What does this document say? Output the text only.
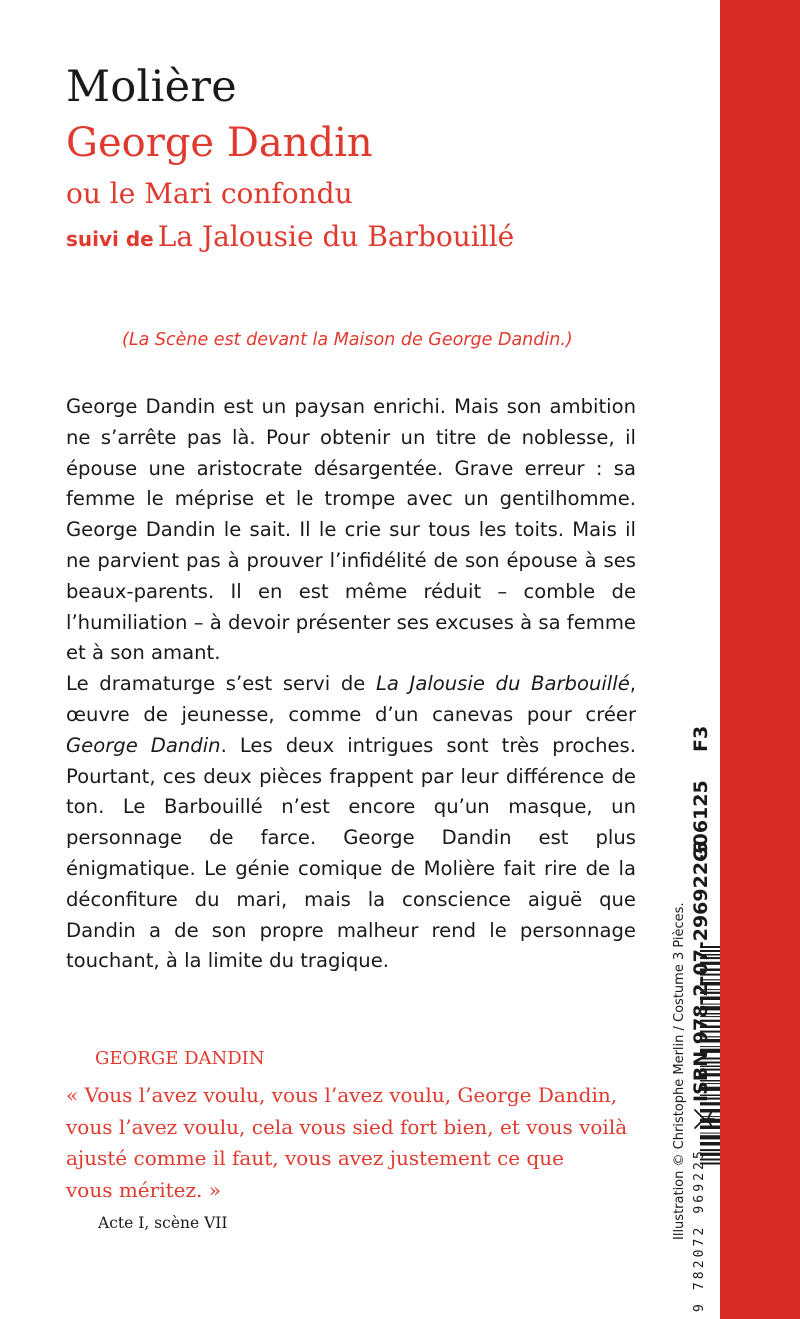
Molière
George Dandin
ou le Mari confondu
suivi de La Jalousie du Barbouillé
(La Scène est devant la Maison de George Dandin.)

George Dandin est un paysan enrichi. Mais son ambition ne s’arrête pas là. Pour obtenir un titre de noblesse, il épouse une aristocrate désargentée. Grave erreur : sa femme le méprise et le trompe avec un gentilhomme. George Dandin le sait. Il le crie sur tous les toits. Mais il ne parvient pas à prouver l’infidélité de son épouse à ses beaux-parents. Il en est même réduit – comble de l’humiliation – à devoir présenter ses excuses à sa femme et à son amant.

Le dramaturge s’est servi de La Jalousie du Barbouillé, œuvre de jeunesse, comme d’un canevas pour créer George Dandin. Les deux intrigues sont très proches. Pourtant, ces deux pièces frappent par leur différence de ton. Le Barbouillé n’est encore qu’un masque, un personnage de farce. George Dandin est plus énigmatique. Le génie comique de Molière fait rire de la déconfiture du mari, mais la conscience aiguë que Dandin a de son propre malheur rend le personnage touchant, à la limite du tragique.

GEORGE DANDIN
« Vous l’avez voulu, vous l’avez voulu, George Dandin,
vous l’avez voulu, cela vous sied fort bien, et vous voilà
ajusté comme il faut, vous avez justement ce que
vous méritez. »
Acte I, scène VII	Illustration © Christophe Merlin / Costume 3 Pièces. 9 782072 969225
ISBN 978-2-07-296922-5
G06125
F3
